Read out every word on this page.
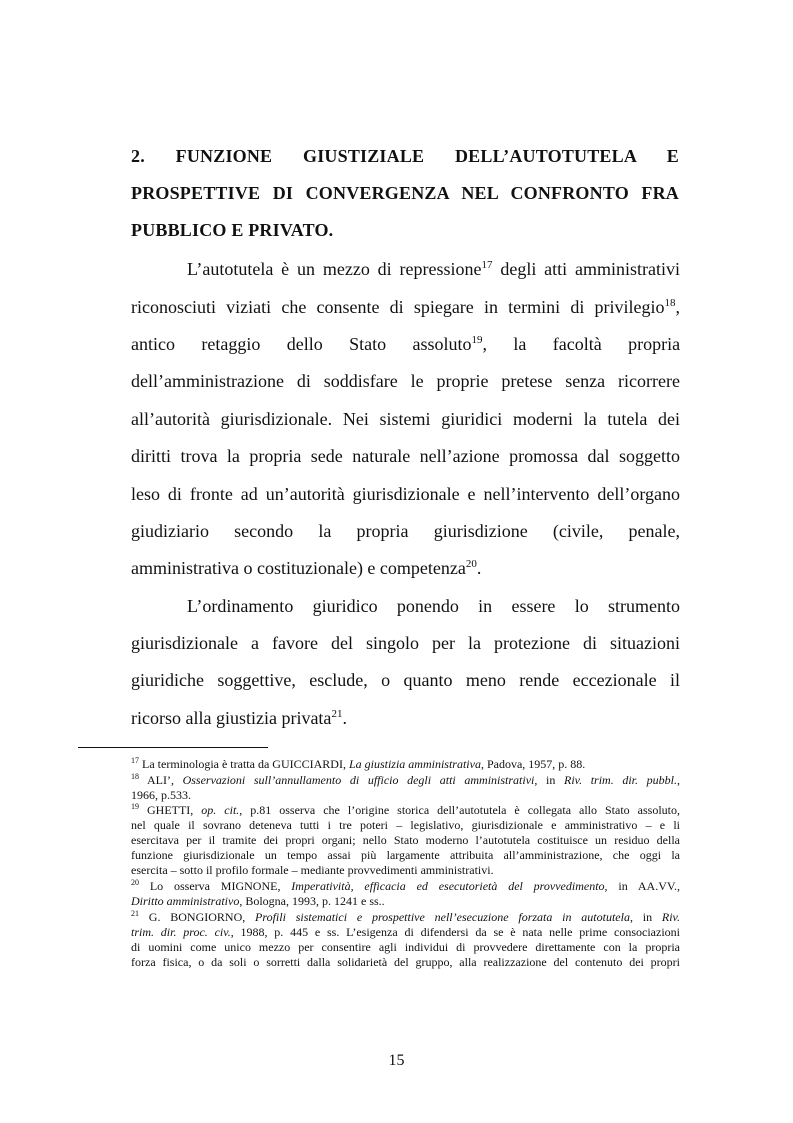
2. FUNZIONE GIUSTIZIALE DELL’AUTOTUTELA E
PROSPETTIVE DI CONVERGENZA NEL CONFRONTO FRA
PUBBLICO E PRIVATO.
L’autotutela è un mezzo di repressione$^{17}$ degli atti amministrativi
riconosciuti viziati che consente di spiegare in termini di privilegio$^{18}$,
antico retaggio dello Stato assoluto$^{19}$, la facoltà propria
dell’amministrazione di soddisfare le proprie pretese senza ricorrere
all’autorità giurisdizionale. Nei sistemi giuridici moderni la tutela dei
diritti trova la propria sede naturale nell’azione promossa dal soggetto
leso di fronte ad un’autorità giurisdizionale e nell’intervento dell’organo
giudiziario secondo la propria giurisdizione (civile, penale,
amministrativa o costituzionale) e competenza$^{20}$.
L’ordinamento giuridico ponendo in essere lo strumento
giurisdizionale a favore del singolo per la protezione di situazioni
giuridiche soggettive, esclude, o quanto meno rende eccezionale il
ricorso alla giustizia privata$^{21}$.
$^{17}$ La terminologia è tratta da GUICCIARDI, La giustizia amministrativa, Padova, 1957, p. 88.
$^{18}$ ALI’, Osservazioni sull’annullamento di ufficio degli atti amministrativi, in Riv. trim. dir. pubbl.,
1966, p.533.
$^{19}$ GHETTI, op. cit., p.81 osserva che l’origine storica dell’autotutela è collegata allo Stato assoluto,
nel quale il sovrano deteneva tutti i tre poteri – legislativo, giurisdizionale e amministrativo – e li
esercitava per il tramite dei propri organi; nello Stato moderno l’autotutela costituisce un residuo della
funzione giurisdizionale un tempo assai più largamente attribuita all’amministrazione, che oggi la
esercita – sotto il profilo formale – mediante provvedimenti amministrativi.
$^{20}$ Lo osserva MIGNONE, Imperatività, efficacia ed esecutorietà del provvedimento, in AA.VV.,
Diritto amministrativo, Bologna, 1993, p. 1241 e ss..
$^{21}$ G. BONGIORNO, Profili sistematici e prospettive nell’esecuzione forzata in autotutela, in Riv.
trim. dir. proc. civ., 1988, p. 445 e ss. L’esigenza di difendersi da se è nata nelle prime consociazioni
di uomini come unico mezzo per consentire agli individui di provvedere direttamente con la propria
forza fisica, o da soli o sorretti dalla solidarietà del gruppo, alla realizzazione del contenuto dei propri
15
